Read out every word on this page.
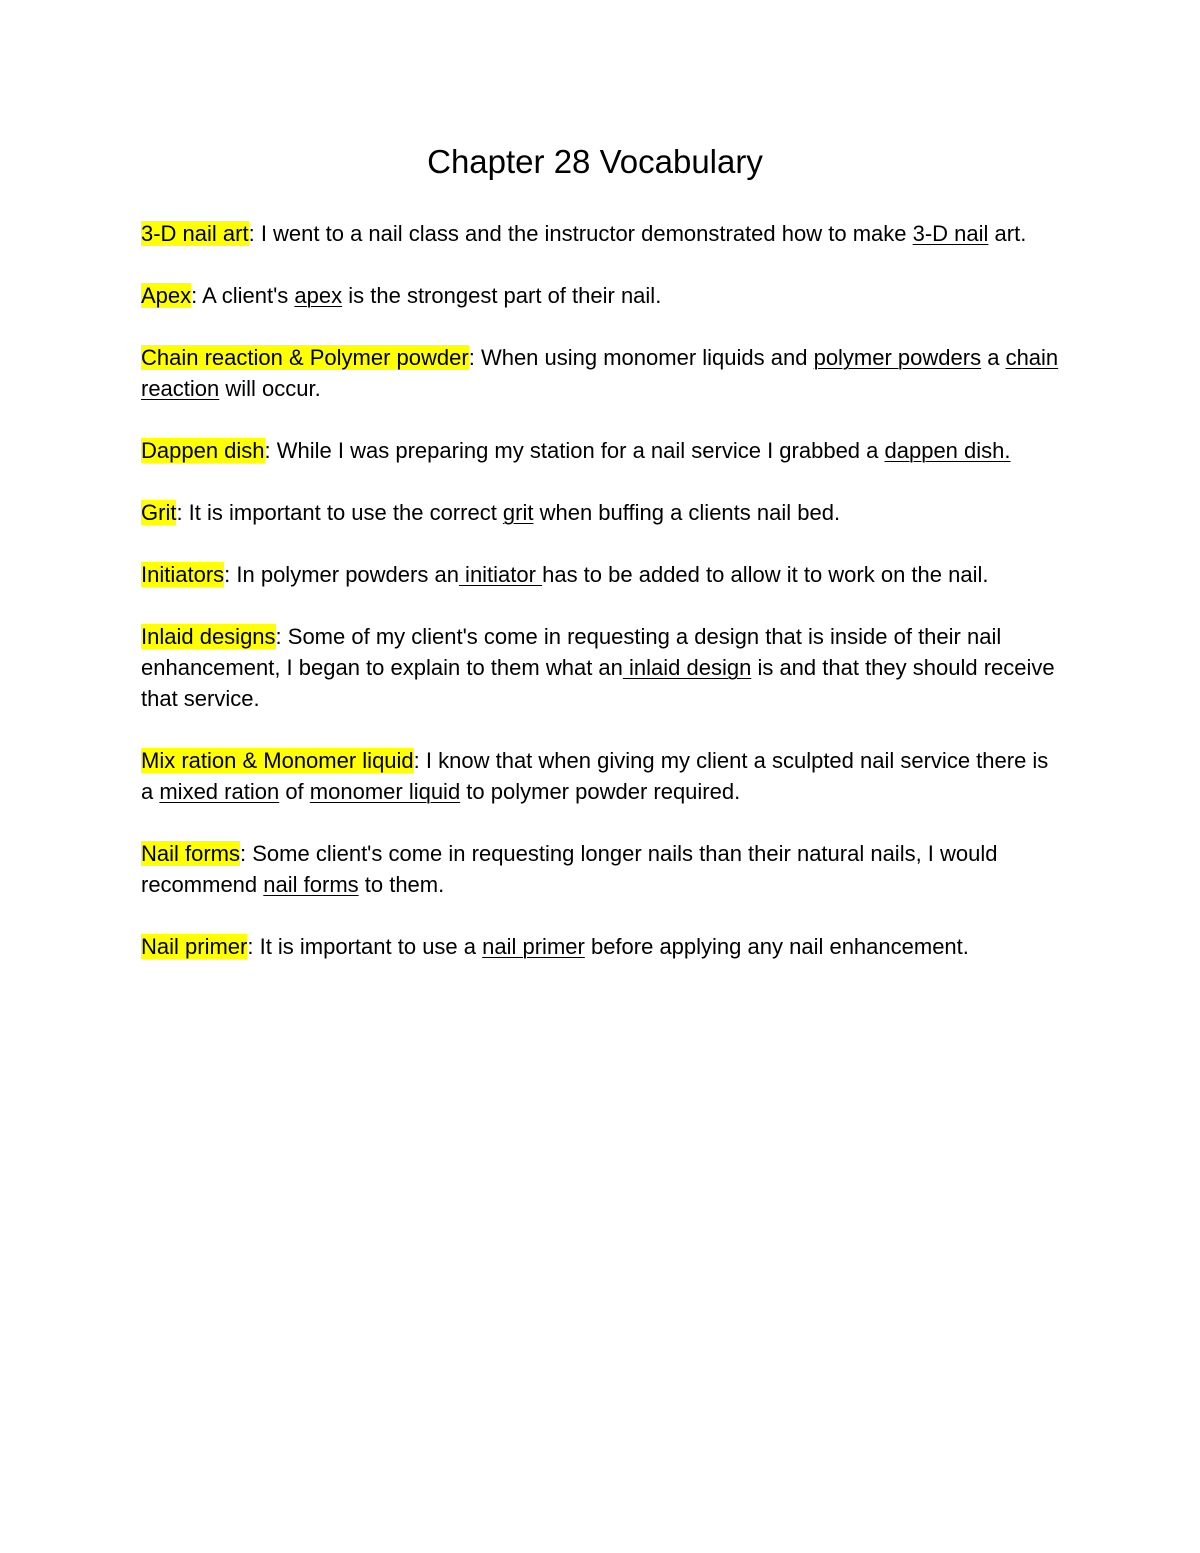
Chapter 28 Vocabulary

3-D nail art: I went to a nail class and the instructor demonstrated how to make 3-D nail art.

Apex: A client's apex is the strongest part of their nail.

Chain reaction & Polymer powder: When using monomer liquids and polymer powders a chain reaction will occur.

Dappen dish: While I was preparing my station for a nail service I grabbed a dappen dish.

Grit: It is important to use the correct grit when buffing a clients nail bed.

Initiators: In polymer powders an initiator has to be added to allow it to work on the nail.

Inlaid designs: Some of my client's come in requesting a design that is inside of their nail enhancement, I began to explain to them what an inlaid design is and that they should receive that service.

Mix ration & Monomer liquid: I know that when giving my client a sculpted nail service there is a mixed ration of monomer liquid to polymer powder required.

Nail forms: Some client's come in requesting longer nails than their natural nails, I would recommend nail forms to them.

Nail primer: It is important to use a nail primer before applying any nail enhancement.
